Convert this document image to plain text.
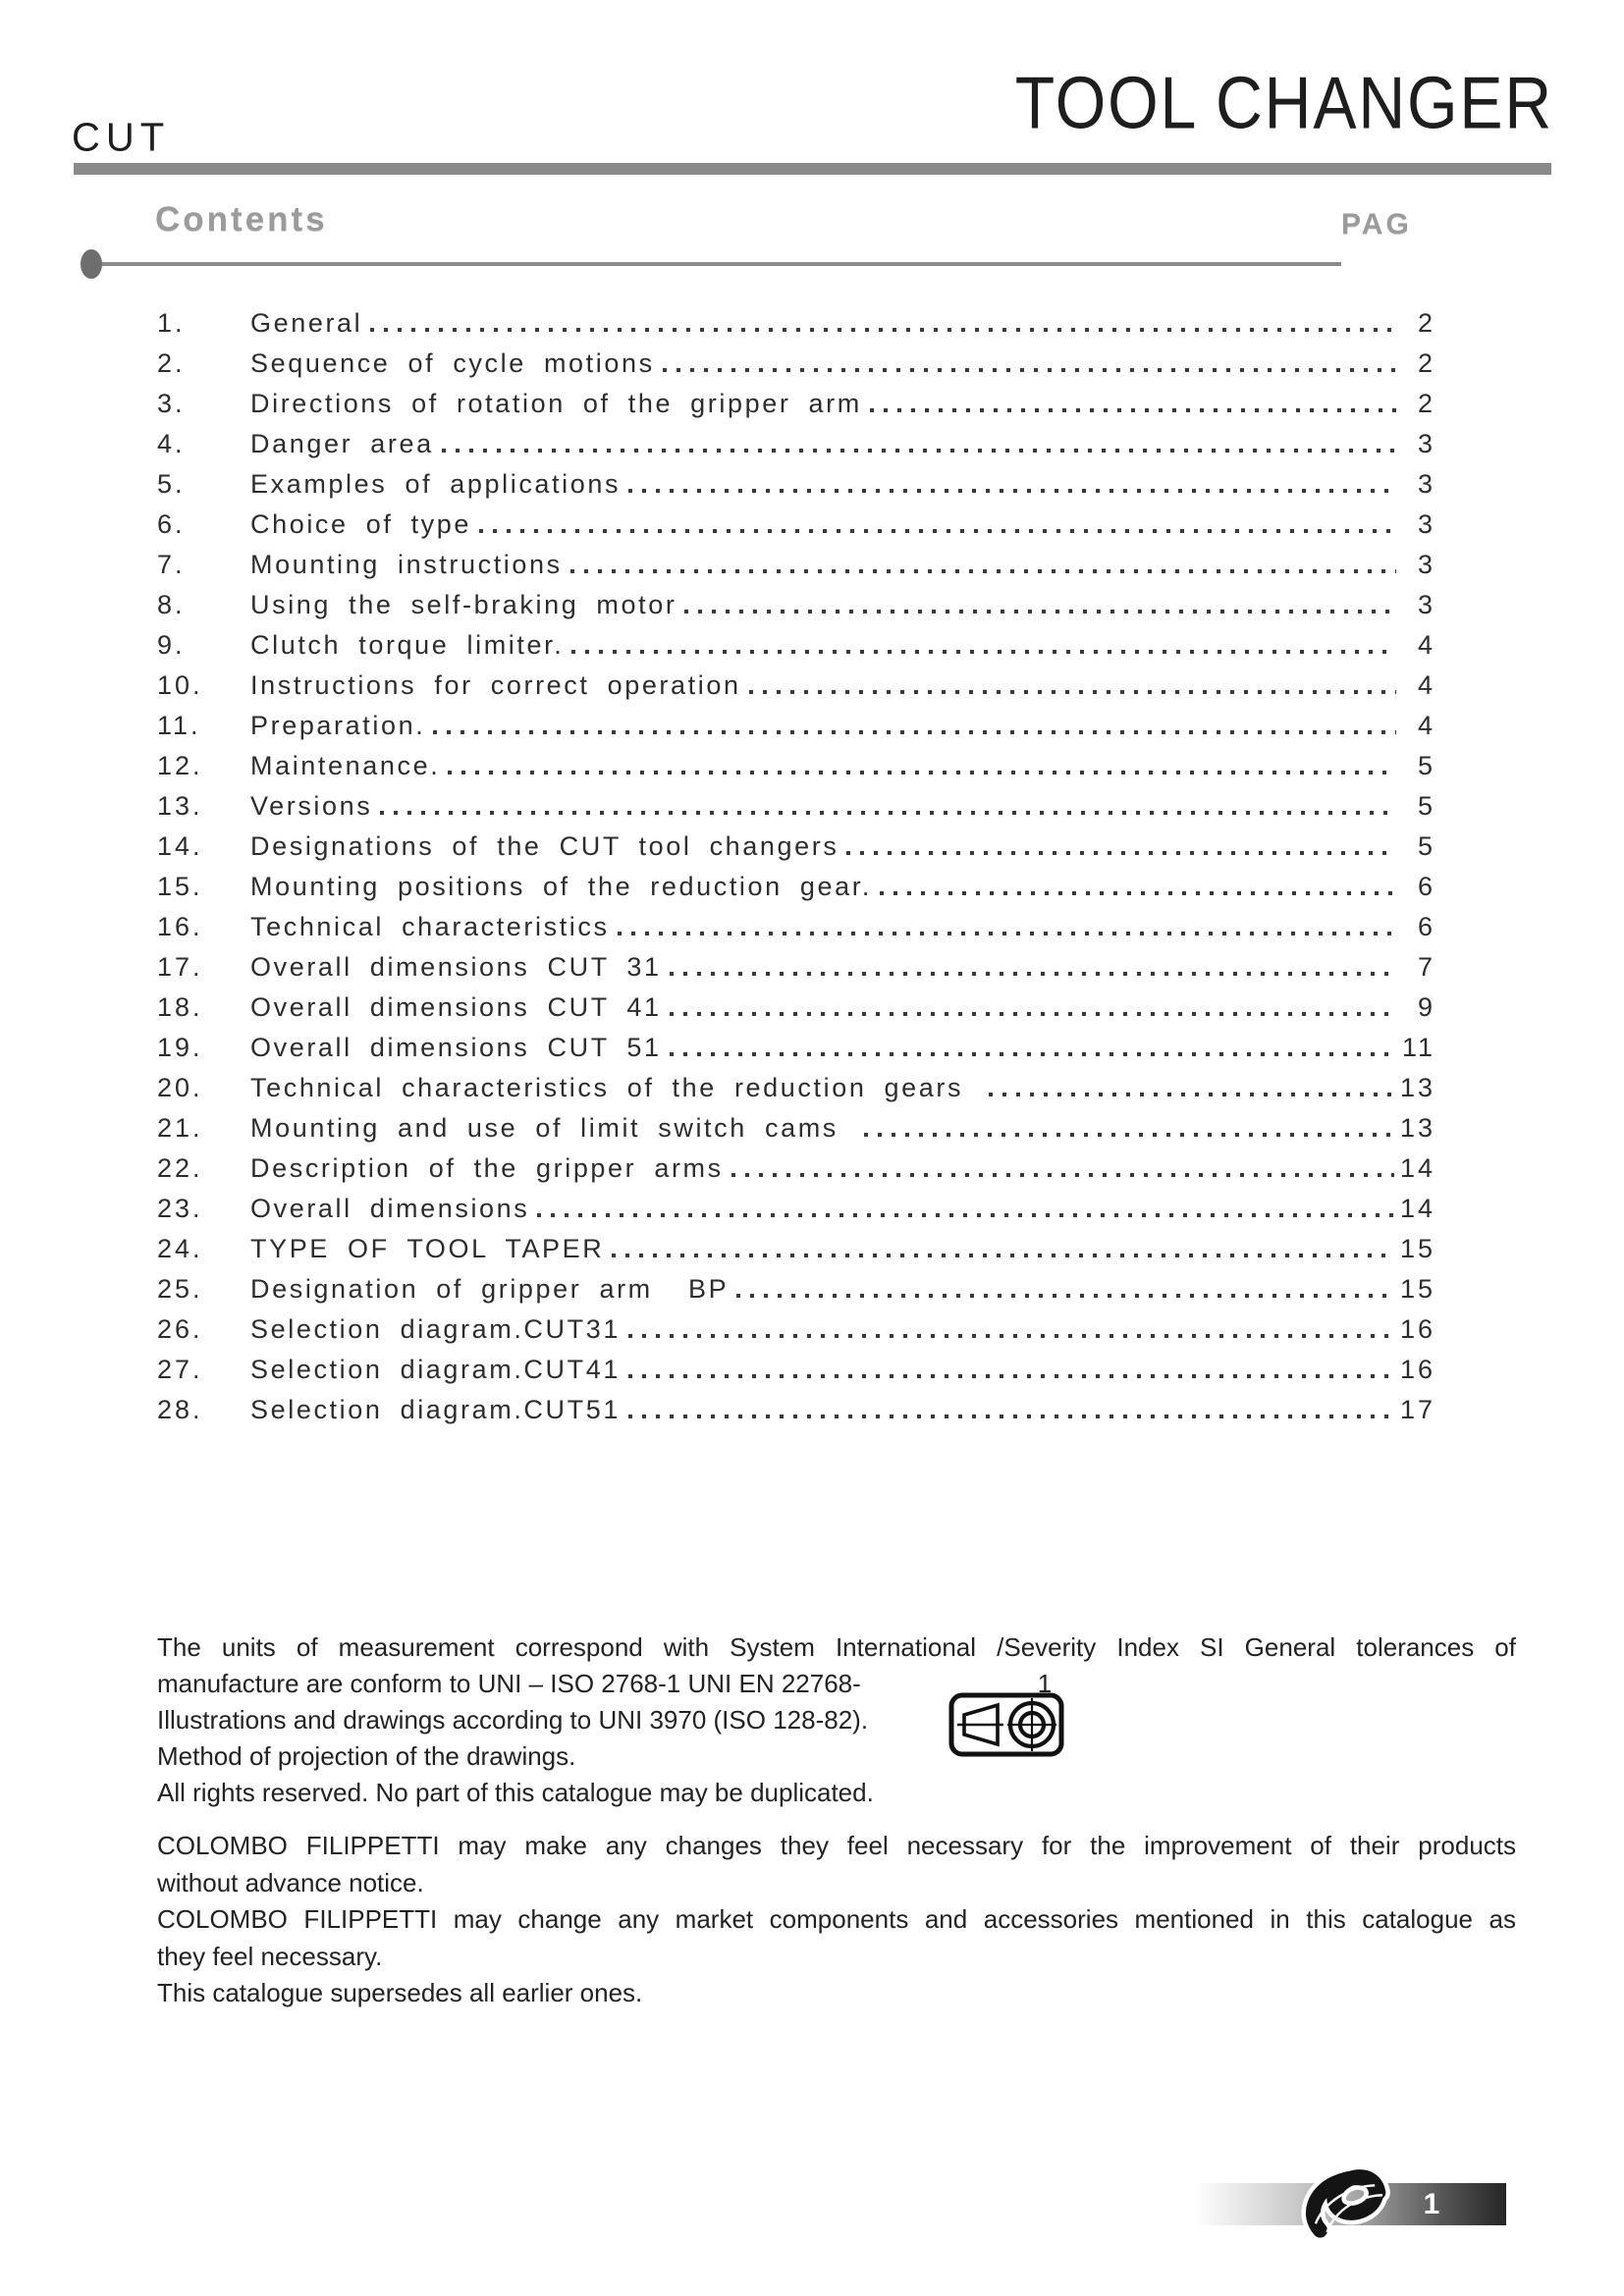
CUT	TOOL CHANGER
Contents	PAG
1.	General	2
2.	Sequence of cycle motions	2
3.	Directions of rotation of the gripper arm	2
4.	Danger area	3
5.	Examples of applications	3
6.	Choice of type	3
7.	Mounting instructions	3
8.	Using the self-braking motor	3
9.	Clutch torque limiter.	4
10.	Instructions for correct operation	4
11.	Preparation.	4
12.	Maintenance.	5
13.	Versions	5
14.	Designations of the CUT tool changers	5
15.	Mounting positions of the reduction gear.	6
16.	Technical characteristics	6
17.	Overall dimensions CUT 31	7
18.	Overall dimensions CUT 41	9
19.	Overall dimensions CUT 51	11
20.	Technical characteristics of the reduction gears	13
21.	Mounting and use of limit switch cams	13
22.	Description of the gripper arms	14
23.	Overall dimensions	14
24.	TYPE OF TOOL TAPER	15
25.	Designation of gripper arm  BP	15
26.	Selection diagram.CUT31	16
27.	Selection diagram.CUT41	16
28.	Selection diagram.CUT51	17
The units of measurement correspond with System International /Severity Index SI General tolerances of
manufacture are conform to UNI – ISO 2768-1 UNI EN 22768-	1
Illustrations and drawings according to UNI 3970 (ISO 128-82).
Method of projection of the drawings.
All rights reserved. No part of this catalogue may be duplicated.
COLOMBO FILIPPETTI may make any changes they feel necessary for the improvement of their products
without advance notice.
COLOMBO FILIPPETTI may change any market components and accessories mentioned in this catalogue as
they feel necessary.
This catalogue supersedes all earlier ones.
1
